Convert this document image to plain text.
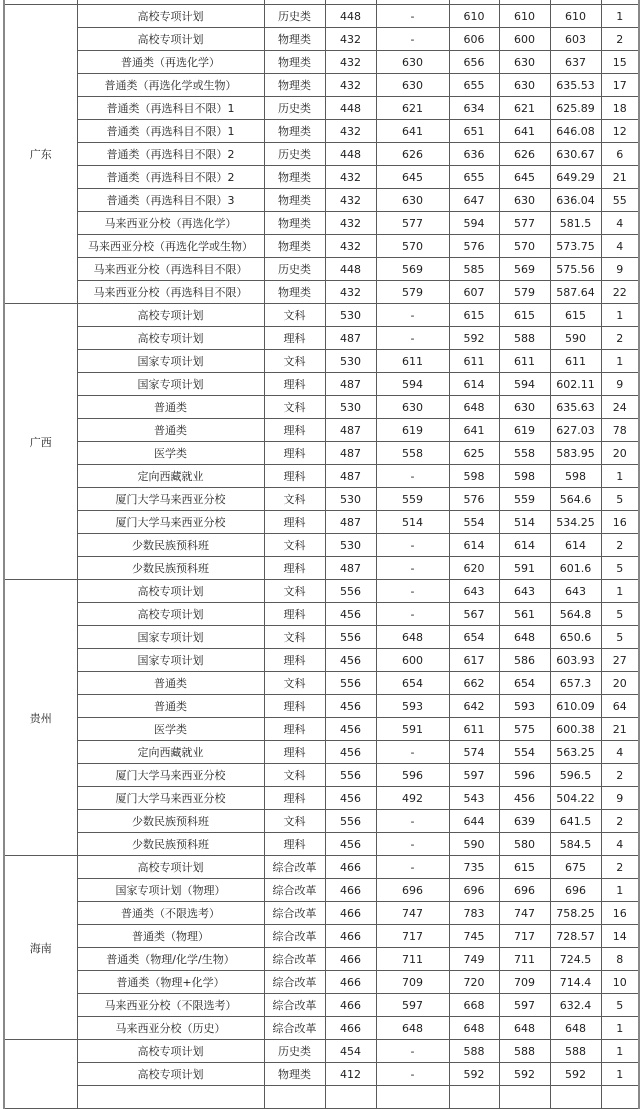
广东	高校专项计划	历史类	448	-	610	610	610	1
	高校专项计划	物理类	432	-	606	600	603	2
	普通类（再选化学）	物理类	432	630	656	630	637	15
	普通类（再选化学或生物）	物理类	432	630	655	630	635.53	17
	普通类（再选科目不限）1	历史类	448	621	634	621	625.89	18
	普通类（再选科目不限）1	物理类	432	641	651	641	646.08	12
	普通类（再选科目不限）2	历史类	448	626	636	626	630.67	6
	普通类（再选科目不限）2	物理类	432	645	655	645	649.29	21
	普通类（再选科目不限）3	物理类	432	630	647	630	636.04	55
	马来西亚分校（再选化学）	物理类	432	577	594	577	581.5	4
	马来西亚分校（再选化学或生物）	物理类	432	570	576	570	573.75	4
	马来西亚分校（再选科目不限）	历史类	448	569	585	569	575.56	9
	马来西亚分校（再选科目不限）	物理类	432	579	607	579	587.64	22
广西	高校专项计划	文科	530	-	615	615	615	1
	高校专项计划	理科	487	-	592	588	590	2
	国家专项计划	文科	530	611	611	611	611	1
	国家专项计划	理科	487	594	614	594	602.11	9
	普通类	文科	530	630	648	630	635.63	24
	普通类	理科	487	619	641	619	627.03	78
	医学类	理科	487	558	625	558	583.95	20
	定向西藏就业	理科	487	-	598	598	598	1
	厦门大学马来西亚分校	文科	530	559	576	559	564.6	5
	厦门大学马来西亚分校	理科	487	514	554	514	534.25	16
	少数民族预科班	文科	530	-	614	614	614	2
	少数民族预科班	理科	487	-	620	591	601.6	5
贵州	高校专项计划	文科	556	-	643	643	643	1
	高校专项计划	理科	456	-	567	561	564.8	5
	国家专项计划	文科	556	648	654	648	650.6	5
	国家专项计划	理科	456	600	617	586	603.93	27
	普通类	文科	556	654	662	654	657.3	20
	普通类	理科	456	593	642	593	610.09	64
	医学类	理科	456	591	611	575	600.38	21
	定向西藏就业	理科	456	-	574	554	563.25	4
	厦门大学马来西亚分校	文科	556	596	597	596	596.5	2
	厦门大学马来西亚分校	理科	456	492	543	456	504.22	9
	少数民族预科班	文科	556	-	644	639	641.5	2
	少数民族预科班	理科	456	-	590	580	584.5	4
海南	高校专项计划	综合改革	466	-	735	615	675	2
	国家专项计划（物理）	综合改革	466	696	696	696	696	1
	普通类（不限选考）	综合改革	466	747	783	747	758.25	16
	普通类（物理）	综合改革	466	717	745	717	728.57	14
	普通类（物理/化学/生物）	综合改革	466	711	749	711	724.5	8
	普通类（物理+化学）	综合改革	466	709	720	709	714.4	10
	马来西亚分校（不限选考）	综合改革	466	597	668	597	632.4	5
	马来西亚分校（历史）	综合改革	466	648	648	648	648	1
	高校专项计划	历史类	454	-	588	588	588	1
	高校专项计划	物理类	412	-	592	592	592	1
